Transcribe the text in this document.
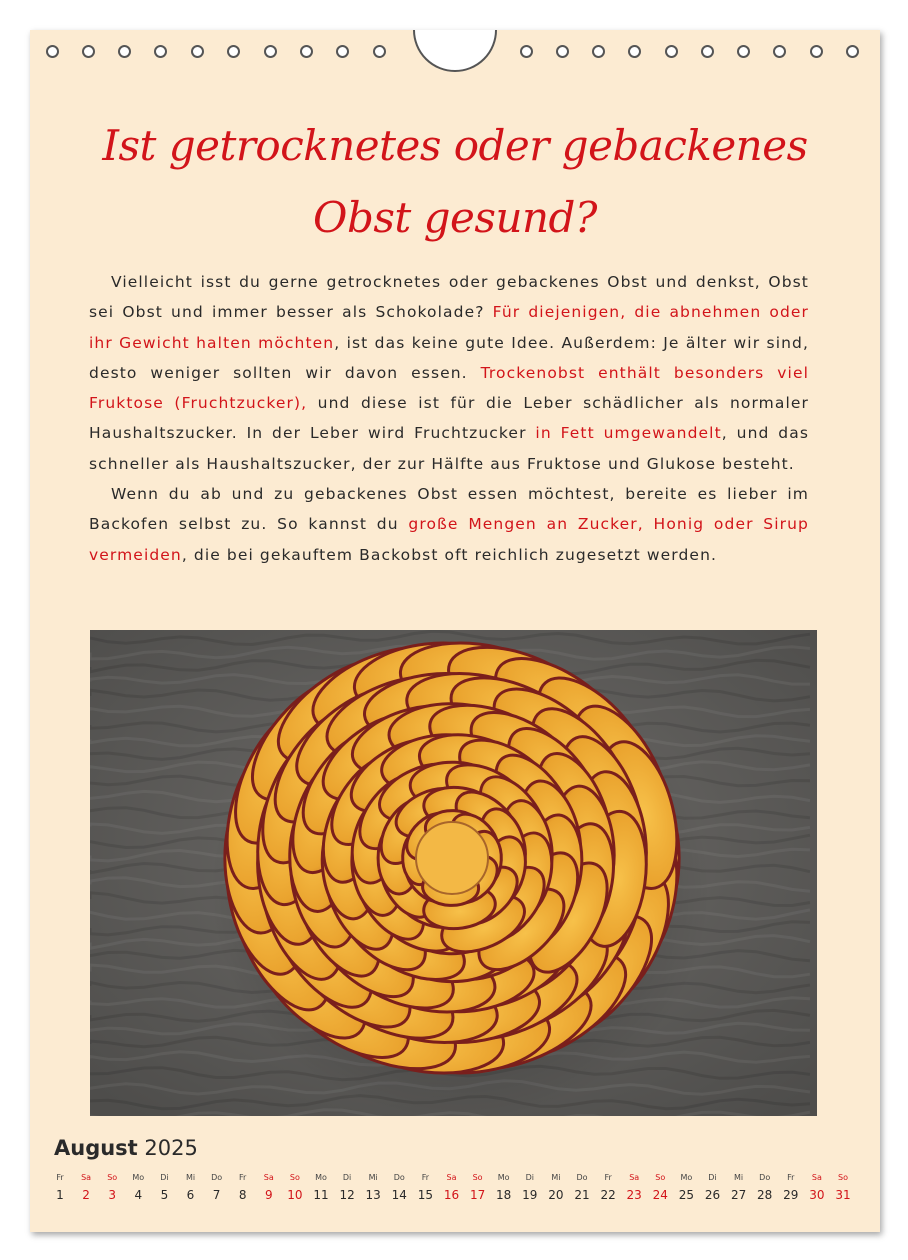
Ist getrocknetes oder gebackenes
Obst gesund?

Vielleicht isst du gerne getrocknetes oder gebackenes Obst und denkst, Obst sei Obst und immer besser als Schokolade? Für diejenigen, die abnehmen oder ihr Gewicht halten möchten, ist das keine gute Idee. Außerdem: Je älter wir sind, desto weniger sollten wir davon essen. Trockenobst enthält besonders viel Fruktose (Fruchtzucker), und diese ist für die Leber schädlicher als normaler Haushaltszucker. In der Leber wird Fruchtzucker in Fett umgewandelt, und das schneller als Haushaltszucker, der zur Hälfte aus Fruktose und Glukose besteht.

Wenn du ab und zu gebackenes Obst essen möchtest, bereite es lieber im Backofen selbst zu. So kannst du große Mengen an Zucker, Honig oder Sirup vermeiden, die bei gekauftem Backobst oft reichlich zugesetzt werden.

August 2025
Fr
1
Sa
2
So
3
Mo
4
Di
5
Mi
6
Do
7
Fr
8
Sa
9
So
10
Mo
11
Di
12
Mi
13
Do
14
Fr
15
Sa
16
So
17
Mo
18
Di
19
Mi
20
Do
21
Fr
22
Sa
23
So
24
Mo
25
Di
26
Mi
27
Do
28
Fr
29
Sa
30
So
31
